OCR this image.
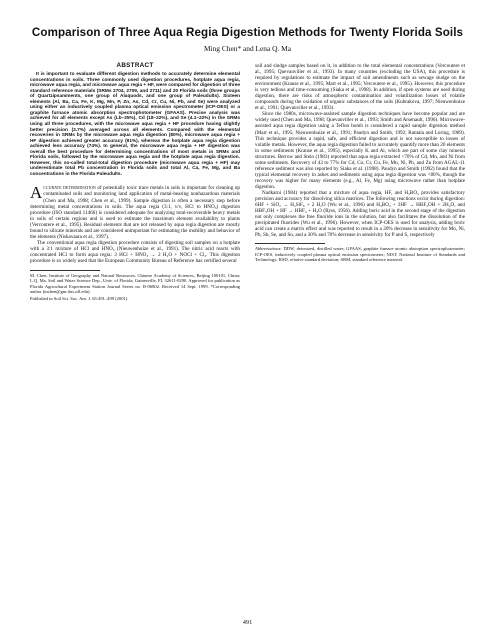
Comparison of Three Aqua Regia Digestion Methods for Twenty Florida Soils
Ming Chen* and Lena Q. Ma
ABSTRACT

It is important to evaluate different digestion methods to accurately determine elemental concentrations in soils. Three commonly used digestion procedures, hotplate aqua regia, microwave aqua regia, and microwave aqua regia + HF, were compared for digestion of three standard reference materials (SRMs 2704, 2709, and 2711) and 20 Florida soils (three groups of Quartzipsamments, one group of Alaquods, and one group of Paleudults). Sixteen elements (Al, Ba, Ca, Fe, K, Mg, Mn, P, Zn, As, Cd, Cr, Cu, Ni, Pb, and Se) were analyzed using either an inductively coupled plasma optical emission spectrometer (ICP-OES) or a graphite furnace atomic absorption spectrophotometer (GFAAS). Precise analysis was achieved for all elements except As (Lb–25%), Cd (18–22%), and Se (4.1–22%) in the SRMs using all three procedures, with the microwave aqua regia + HF procedure having slightly better precision (3.7%) averaged across all elements. Compared with the elemental recoveries in SRMs by the microwave aqua regia digestion (80%), microwave aqua regia + HF digestion achieved greater accuracy (91%), whereas the hotplate aqua regia digestion achieved less accuracy (74%). In general, the microwave aqua regia + HF digestion was overall the best procedure for determining concentrations of most metals in SRMs and Florida soils, followed by the microwave aqua regia and the hotplate aqua regia digestion. However, this so-called total-total digestion procedure (microwave aqua regia + HF) may underestimate total Pb concentration in Florida soils and total Al, Ca, Fe, Mg, and Ba concentrations in the Florida Paleudults.

Accurate determination of potentially toxic trace metals in soils is important for cleaning up contaminated soils and monitoring land application of metal-bearing nonhazardous materials (Chen and Ma, 1998; Chen et al., 1999). Sample digestion is often a necessary step before determining metal concentrations in soils. The aqua regia (3:1, v/v, HCl to HNO₃) digestion procedure (ISO standard 11466) is considered adequate for analyzing total-recoverable heavy metals in soils of certain regions and is used to estimate the maximum element availability to plants (Vercoutere et al., 1995). Residual elements that are not released by aqua regia digestion are mostly bound to silicate minerals and are considered unimportant for estimating the mobility and behavior of the elements (Niskavaara et al., 1997).

The conventional aqua regia digestion procedure consists of digesting soil samples on a hotplate with a 3:1 mixture of HCl and HNO₃ (Nieuwenhuize et al., 1991). The nitric acid reacts with concentrated HCl to form aqua regia: 3 HCl + HNO₃ → 2 H₂O + NOCl + Cl₂. This digestion procedure is so widely used that the European Community Bureau of Reference has certified several

M. Chen, Institute of Geography and Natural Resources, Chinese Academy of Sciences, Beijing 100101, China; L.Q. Ma, Soil and Water Science Dep., Univ. of Florida, Gainesville, FL 32611-0290. Approved for publication as Florida Agricultural Experiment Station Journal Series no. R-06802. Received 14 Sept. 1999. *Corresponding author (mchen@gnr.ifas.ufl.edu).

Published in Soil Sci. Soc. Am. J. 65:491–499 (2001).

soil and sludge samples based on it, in addition to the total elemental concentrations (Vercoutere et al., 1995; Quevauviller et al., 1993). In many countries (excluding the USA), this procedure is required by regulations to estimate the impact of soil amendments such as sewage sludge on the environment (Krause et al., 1995; Marr et al., 1995; Vercoutere et al., 1995). However, this procedure is very tedious and time-consuming (Siaka et al., 1998). In addition, if open systems are used during digestion, there are risks of atmospheric contamination and volatilization losses of volatile compounds during the oxidation of organic substances of the soils (Kubrakova, 1997; Nieuwenhuize et al., 1991; Quevauviller et al., 1993).

Since the 1980s, microwave-assisted sample digestion techniques have become popular and are widely used (Chen and Ma, 1998; Quevauviller et al., 1993; Smith and Arsenault, 1996). Microwave-assisted aqua regia digestion using a Teflon bomb is considered a rapid sample digestion method (Marr et al., 1995; Nieuwenhuize et al., 1991; Paudyn and Smith, 1992; Rantala and Loring, 1989). This technique provides a rapid, safe, and efficient digestion and is not susceptible to losses of volatile metals. However, the aqua regia digestion failed to accurately quantify more than 20 elements in some sediments (Krause et al., 1995), especially K and Al, which are part of some clay mineral structures. Berrow and Stein (1983) reported that aqua regia extracted <70% of Cd, Mn, and Ni from some sediments. Recovery of 43 to 77% for Cd, Co, Cr, Cu, Fe, Mn, Ni, Pb, and Zn from AGAL-11 reference sediment was also reported by Siaka et al. (1998). Paudyn and Smith (1992) found that the typical elemental recovery in ashes and sediments using aqua regia digestion was <80%, though the recovery was higher for many elements (e.g., Al, Fe, Mg) using microwave rather than hotplate digestion.

Nadkarni (1984) reported that a mixture of aqua regia, HF, and H₃BO₃ provides satisfactory precision and accuracy for dissolving silica matrices. The following reactions occur during digestion: 6HF + SiO₂ → H₂SiF₆ + 2 H₂O (Wu et al., 1996) and H₃BO₃ + 3HF → HBF₃OH + 2H₂O, and HBF₃OH + HF → HBF₄ + H₂O (Ryss, 1956). Adding boric acid in the second stage of the digestion not only complexes the free fluoride ions in the solution, but also facilitates the dissolution of the precipitated fluorides (Wu et al., 1996). However, when ICP-OES is used for analysis, adding boric acid can create a matrix effect and was reported to result in a 20% decrease in sensitivity for Mo, Ni, Pb, Sb, Se, and Sn, and a 30% and 70% decrease in sensitivity for P and S, respectively

Abbreviations: DDW, deionized, distilled water; GFAAS, graphite furnace atomic absorption spectrophotometer; ICP-OES, inductively coupled plasma optical emission spectrometer; NIST, National Institute of Standards and Technology; RSD, relative standard deviation; SRM, standard reference material.

491
